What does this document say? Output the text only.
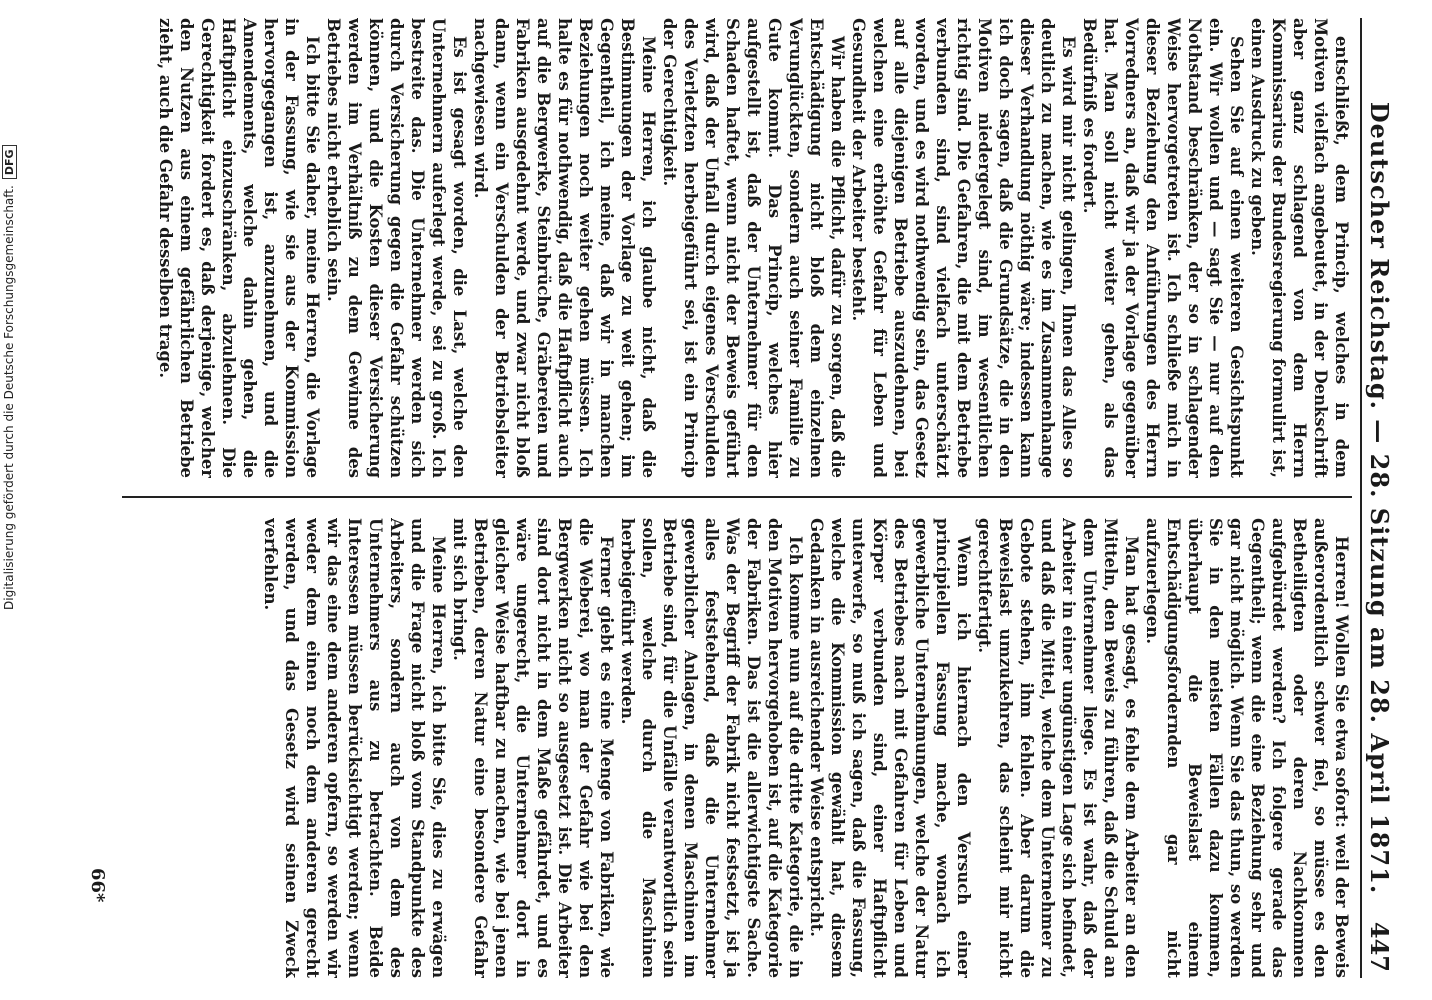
Deutscher Reichstag. — 28. Sitzung am 28. April 1871.
447

entschließt, dem Princip, welches in dem Motiven vielfach angebeutet, in der Denkschrift aber ganz schlagend von dem Herrn Kommissarius der Bundesregierung formulirt ist, einen Ausdruck zu geben.

Sehen Sie auf einen weiteren Gesichtspunkt ein. Wir wollen und — sagt Sie — nur auf den Nothstand beschränken, der so in schlagender Weise hervorgetreten ist. Ich schließe mich in dieser Beziehung den Anführungen des Herrn Vorredners an, daß wir ja der Vorlage gegenüber hat. Man soll nicht weiter gehen, als das Bedürfniß es fordert.

Es wird mir nicht gelingen, Ihnen das Alles so deutlich zu machen, wie es im Zusammenhange dieser Verhandlung nöthig wäre; indessen kann ich doch sagen, daß die Grundsätze, die in den Motiven niedergelegt sind, im wesentlichen richtig sind. Die Gefahren, die mit dem Betriebe verbunden sind, sind vielfach unterschätzt worden, und es wird nothwendig sein, das Gesetz auf alle diejenigen Betriebe auszudehnen, bei welchen eine erhöhte Gefahr für Leben und Gesundheit der Arbeiter besteht.

Wir haben die Pflicht, dafür zu sorgen, daß die Entschädigung nicht bloß dem einzelnen Verunglückten, sondern auch seiner Familie zu Gute kommt. Das Princip, welches hier aufgestellt ist, daß der Unternehmer für den Schaden haftet, wenn nicht der Beweis geführt wird, daß der Unfall durch eigenes Verschulden des Verletzten herbeigeführt sei, ist ein Princip der Gerechtigkeit.

Meine Herren, ich glaube nicht, daß die Bestimmungen der Vorlage zu weit gehen; im Gegentheil, ich meine, daß wir in manchen Beziehungen noch weiter gehen müssen. Ich halte es für nothwendig, daß die Haftpflicht auch auf die Bergwerke, Steinbrüche, Gräbereien und Fabriken ausgedehnt werde, und zwar nicht bloß dann, wenn ein Verschulden der Betriebsleiter nachgewiesen wird.

Es ist gesagt worden, die Last, welche den Unternehmern auferlegt werde, sei zu groß. Ich bestreite das. Die Unternehmer werden sich durch Versicherung gegen die Gefahr schützen können, und die Kosten dieser Versicherung werden im Verhältniß zu dem Gewinne des Betriebes nicht erheblich sein.

Ich bitte Sie daher, meine Herren, die Vorlage in der Fassung, wie sie aus der Kommission hervorgegangen ist, anzunehmen, und die Amendements, welche dahin gehen, die Haftpflicht einzuschränken, abzulehnen. Die Gerechtigkeit fordert es, daß derjenige, welcher den Nutzen aus einem gefährlichen Betriebe zieht, auch die Gefahr desselben trage.

Herren! Wollen Sie etwa sofort: weil der Beweis außerordentlich schwer fiel, so müsse es den Betheiligten oder deren Nachkommen aufgebürdet werden? Ich folgere gerade das Gegentheil; wenn die eine Beziehung sehr und gar nicht möglich. Wenn Sie das thun, so werden Sie in den meisten Fällen dazu kommen, überhaupt die Beweislast einem Entschädigungsfordernden gar nicht aufzuerlegen.

Man hat gesagt, es fehle dem Arbeiter an den Mitteln, den Beweis zu führen, daß die Schuld an dem Unternehmer liege. Es ist wahr, daß der Arbeiter in einer ungünstigen Lage sich befindet, und daß die Mittel, welche dem Unternehmer zu Gebote stehen, ihm fehlen. Aber darum die Beweislast umzukehren, das scheint mir nicht gerechtfertigt.

Wenn ich hiernach den Versuch einer principiellen Fassung mache, wonach ich gewerbliche Unternehmungen, welche der Natur des Betriebes nach mit Gefahren für Leben und Körper verbunden sind, einer Haftpflicht unterwerfe, so muß ich sagen, daß die Fassung, welche die Kommission gewählt hat, diesem Gedanken in ausreichender Weise entspricht.

Ich komme nun auf die dritte Kategorie, die in den Motiven hervorgehoben ist, auf die Kategorie der Fabriken. Das ist die allerwichtigste Sache. Was der Begriff der Fabrik nicht festsetzt, ist ja alles feststehend, daß die Unternehmer gewerblicher Anlagen, in denen Maschinen im Betriebe sind, für die Unfälle verantwortlich sein sollen, welche durch die Maschinen herbeigeführt werden.

Ferner giebt es eine Menge von Fabriken, wie die Weberei, wo man der Gefahr wie bei den Bergwerken nicht so ausgesetzt ist. Die Arbeiter sind dort nicht in dem Maße gefährdet, und es wäre ungerecht, die Unternehmer dort in gleicher Weise haftbar zu machen, wie bei jenen Betrieben, deren Natur eine besondere Gefahr mit sich bringt.

Meine Herren, ich bitte Sie, dies zu erwägen und die Frage nicht bloß vom Standpunkte des Arbeiters, sondern auch von dem des Unternehmers aus zu betrachten. Beide Interessen müssen berücksichtigt werden; wenn wir das eine dem anderen opfern, so werden wir weder dem einen noch dem anderen gerecht werden, und das Gesetz wird seinen Zweck verfehlen.

66*
Digitalisierung gefördert durch die Deutsche Forschungsgemeinschaft.DFG
